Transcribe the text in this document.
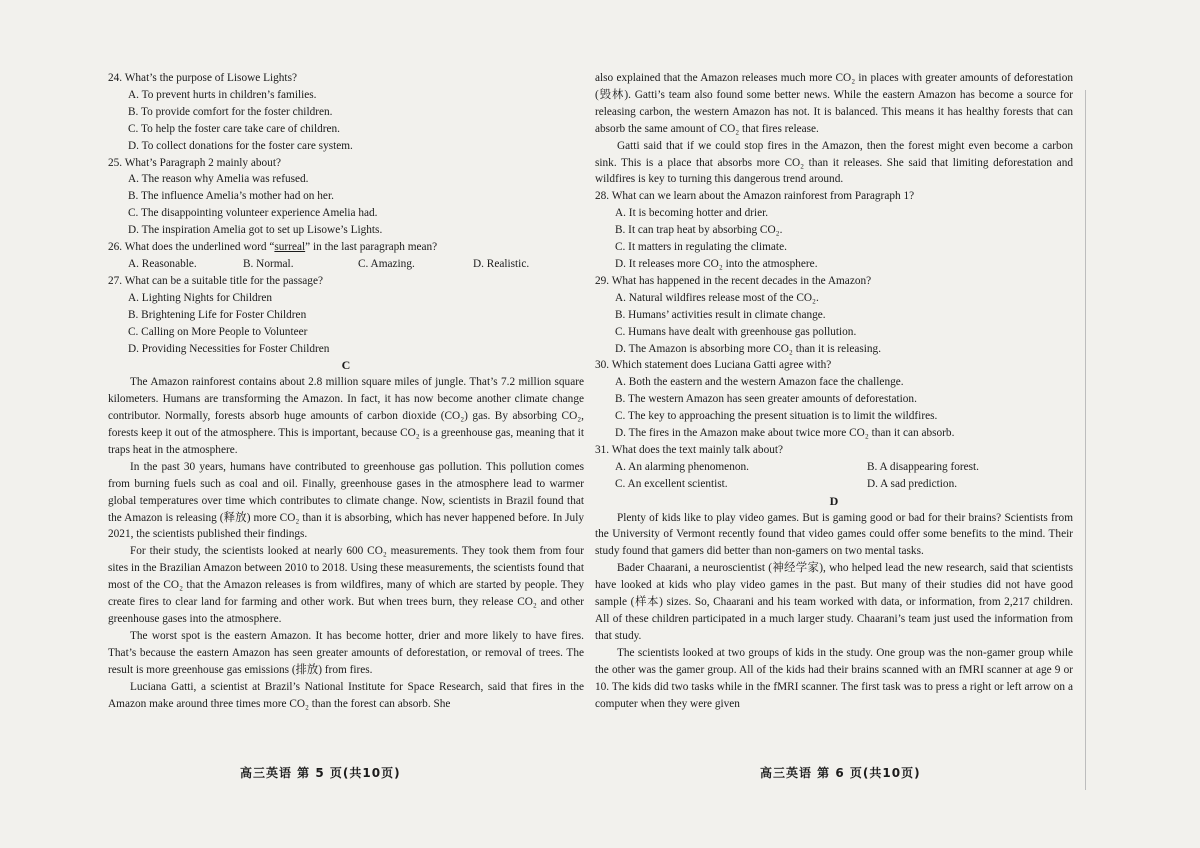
24. What’s the purpose of Lisowe Lights?

A. To prevent hurts in children’s families.

B. To provide comfort for the foster children.

C. To help the foster care take care of children.

D. To collect donations for the foster care system.

25. What’s Paragraph 2 mainly about?

A. The reason why Amelia was refused.

B. The influence Amelia’s mother had on her.

C. The disappointing volunteer experience Amelia had.

D. The inspiration Amelia got to set up Lisowe’s Lights.

26. What does the underlined word “surreal” in the last paragraph mean?

A. Reasonable.	B. Normal.	C. Amazing.	D. Realistic.

27. What can be a suitable title for the passage?

A. Lighting Nights for Children

B. Brightening Life for Foster Children

C. Calling on More People to Volunteer

D. Providing Necessities for Foster Children

C

The Amazon rainforest contains about 2.8 million square miles of jungle. That’s 7.2 million square kilometers. Humans are transforming the Amazon. In fact, it has now become another climate change contributor. Normally, forests absorb huge amounts of carbon dioxide (CO₂) gas. By absorbing CO₂, forests keep it out of the atmosphere. This is important, because CO₂ is a greenhouse gas, meaning that it traps heat in the atmosphere.

In the past 30 years, humans have contributed to greenhouse gas pollution. This pollution comes from burning fuels such as coal and oil. Finally, greenhouse gases in the atmosphere lead to warmer global temperatures over time which contributes to climate change. Now, scientists in Brazil found that the Amazon is releasing (释放) more CO₂ than it is absorbing, which has never happened before. In July 2021, the scientists published their findings.

For their study, the scientists looked at nearly 600 CO₂ measurements. They took them from four sites in the Brazilian Amazon between 2010 to 2018. Using these measurements, the scientists found that most of the CO₂ that the Amazon releases is from wildfires, many of which are started by people. They create fires to clear land for farming and other work. But when trees burn, they release CO₂ and other greenhouse gases into the atmosphere.

The worst spot is the eastern Amazon. It has become hotter, drier and more likely to have fires. That’s because the eastern Amazon has seen greater amounts of deforestation, or removal of trees. The result is more greenhouse gas emissions (排放) from fires.

Luciana Gatti, a scientist at Brazil’s National Institute for Space Research, said that fires in the Amazon make around three times more CO₂ than the forest can absorb. She

also explained that the Amazon releases much more CO₂ in places with greater amounts of deforestation (毁林). Gatti’s team also found some better news. While the eastern Amazon has become a source for releasing carbon, the western Amazon has not. It is balanced. This means it has healthy forests that can absorb the same amount of CO₂ that fires release.

Gatti said that if we could stop fires in the Amazon, then the forest might even become a carbon sink. This is a place that absorbs more CO₂ than it releases. She said that limiting deforestation and wildfires is key to turning this dangerous trend around.

28. What can we learn about the Amazon rainforest from Paragraph 1?

A. It is becoming hotter and drier.

B. It can trap heat by absorbing CO₂.

C. It matters in regulating the climate.

D. It releases more CO₂ into the atmosphere.

29. What has happened in the recent decades in the Amazon?

A. Natural wildfires release most of the CO₂.

B. Humans’ activities result in climate change.

C. Humans have dealt with greenhouse gas pollution.

D. The Amazon is absorbing more CO₂ than it is releasing.

30. Which statement does Luciana Gatti agree with?

A. Both the eastern and the western Amazon face the challenge.

B. The western Amazon has seen greater amounts of deforestation.

C. The key to approaching the present situation is to limit the wildfires.

D. The fires in the Amazon make about twice more CO₂ than it can absorb.

31. What does the text mainly talk about?

A. An alarming phenomenon.	B. A disappearing forest.
C. An excellent scientist.	D. A sad prediction.

D

Plenty of kids like to play video games. But is gaming good or bad for their brains? Scientists from the University of Vermont recently found that video games could offer some benefits to the mind. Their study found that gamers did better than non-gamers on two mental tasks.

Bader Chaarani, a neuroscientist (神经学家), who helped lead the new research, said that scientists have looked at kids who play video games in the past. But many of their studies did not have good sample (样本) sizes. So, Chaarani and his team worked with data, or information, from 2,217 children. All of these children participated in a much larger study. Chaarani’s team just used the information from that study.

The scientists looked at two groups of kids in the study. One group was the non-gamer group while the other was the gamer group. All of the kids had their brains scanned with an fMRI scanner at age 9 or 10. The kids did two tasks while in the fMRI scanner. The first task was to press a right or left arrow on a computer when they were given

高三英语 第 5 页(共10页)	高三英语 第 6 页(共10页)
